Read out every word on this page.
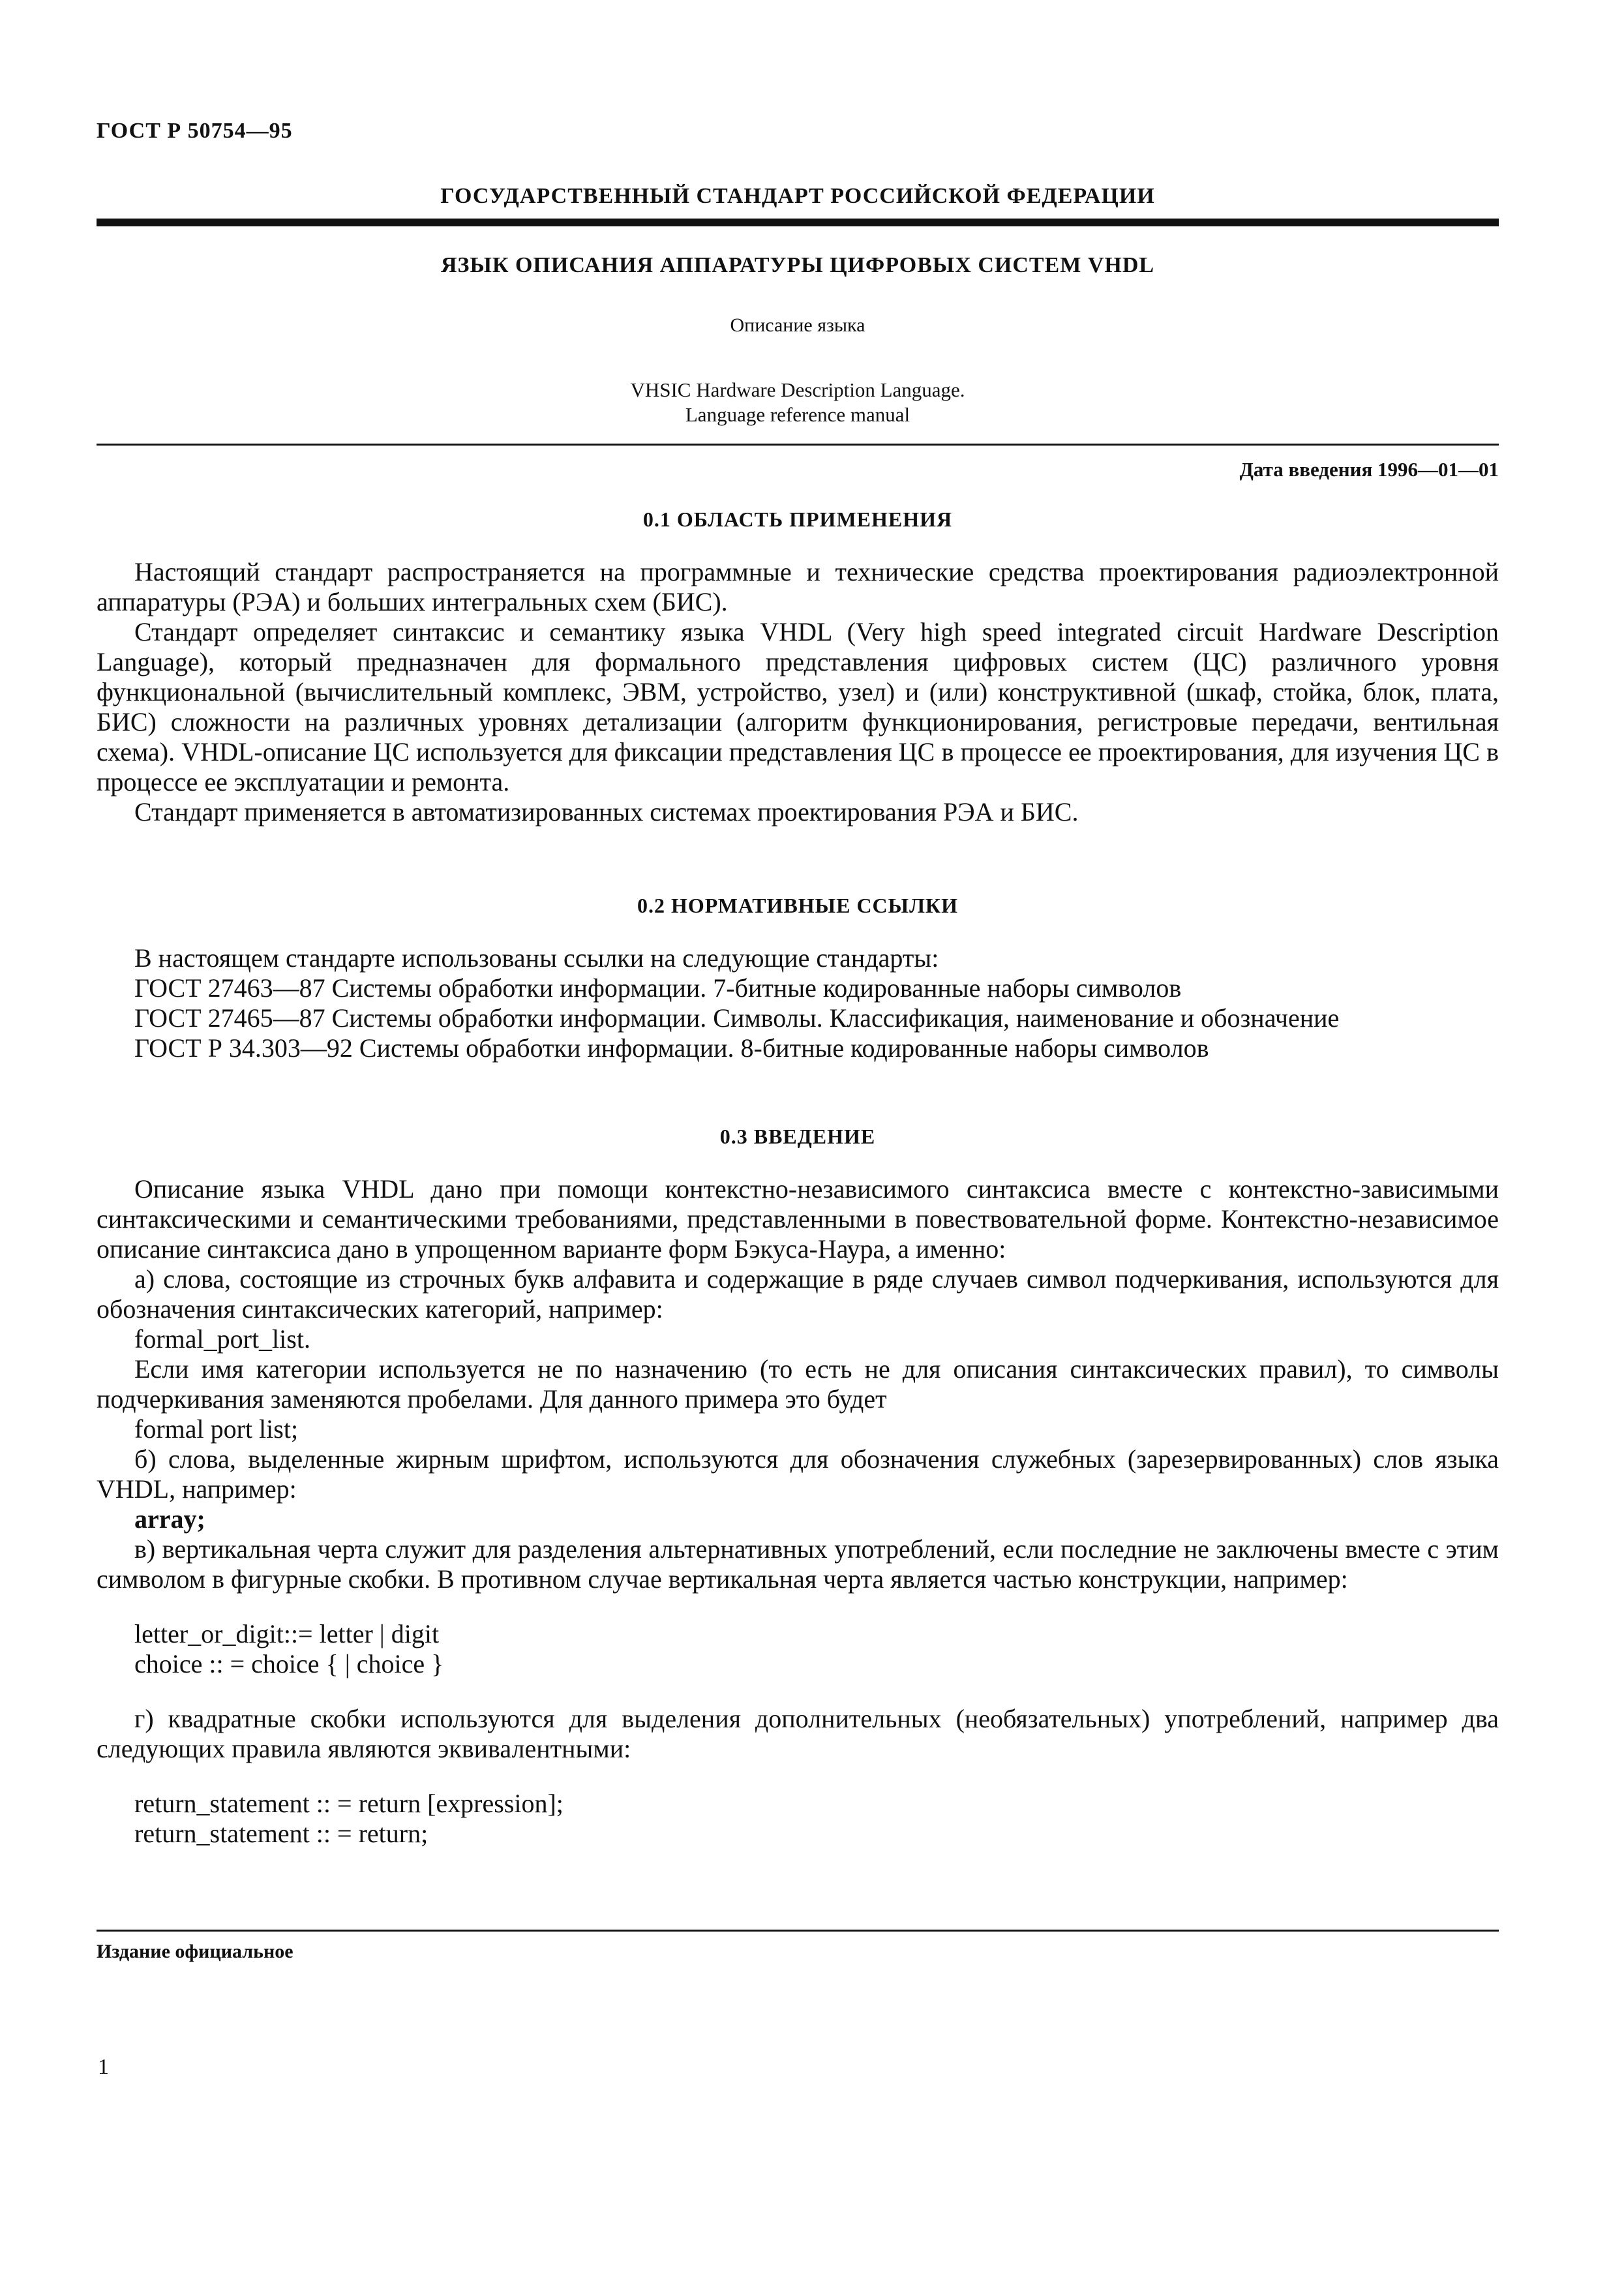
ГОСТ Р 50754—95
ГОСУДАРСТВЕННЫЙ СТАНДАРТ РОССИЙСКОЙ ФЕДЕРАЦИИ
ЯЗЫК ОПИСАНИЯ АППАРАТУРЫ ЦИФРОВЫХ СИСТЕМ VHDL
Описание языка
VHSIC Hardware Description Language.
Language reference manual
Дата введения 1996—01—01
0.1 ОБЛАСТЬ ПРИМЕНЕНИЯ

Настоящий стандарт распространяется на программные и технические средства проектирования радиоэлектронной аппаратуры (РЭА) и больших интегральных схем (БИС).

Стандарт определяет синтаксис и семантику языка VHDL (Very high speed integrated circuit Hardware Description Language), который предназначен для формального представления цифровых систем (ЦС) различного уровня функциональной (вычислительный комплекс, ЭВМ, устройство, узел) и (или) конструктивной (шкаф, стойка, блок, плата, БИС) сложности на различных уровнях детализации (алгоритм функционирования, регистровые передачи, вентильная схема). VHDL-описание ЦС используется для фиксации представления ЦС в процессе ее проектирования, для изучения ЦС в процессе ее эксплуатации и ремонта.

Стандарт применяется в автоматизированных системах проектирования РЭА и БИС.

0.2 НОРМАТИВНЫЕ ССЫЛКИ

В настоящем стандарте использованы ссылки на следующие стандарты:

ГОСТ 27463—87 Системы обработки информации. 7-битные кодированные наборы символов

ГОСТ 27465—87 Системы обработки информации. Символы. Классификация, наименование и обозначение

ГОСТ Р 34.303—92 Системы обработки информации. 8-битные кодированные наборы символов

0.3 ВВЕДЕНИЕ

Описание языка VHDL дано при помощи контекстно-независимого синтаксиса вместе с контекстно-зависимыми синтаксическими и семантическими требованиями, представленными в повествовательной форме. Контекстно-независимое описание синтаксиса дано в упрощенном варианте форм Бэкуса-Наура, а именно:

а) слова, состоящие из строчных букв алфавита и содержащие в ряде случаев символ подчеркивания, используются для обозначения синтаксических категорий, например:

formal_port_list.

Если имя категории используется не по назначению (то есть не для описания синтаксических правил), то символы подчеркивания заменяются пробелами. Для данного примера это будет

formal port list;

б) слова, выделенные жирным шрифтом, используются для обозначения служебных (зарезервированных) слов языка VHDL, например:

array;

в) вертикальная черта служит для разделения альтернативных употреблений, если последние не заключены вместе с этим символом в фигурные скобки. В противном случае вертикальная черта является частью конструкции, например:

letter_or_digit::= letter | digit

choice :: = choice { | choice }

г) квадратные скобки используются для выделения дополнительных (необязательных) употреблений, например два следующих правила являются эквивалентными:

return_statement :: = return [expression];

return_statement :: = return;

Издание официальное
1
